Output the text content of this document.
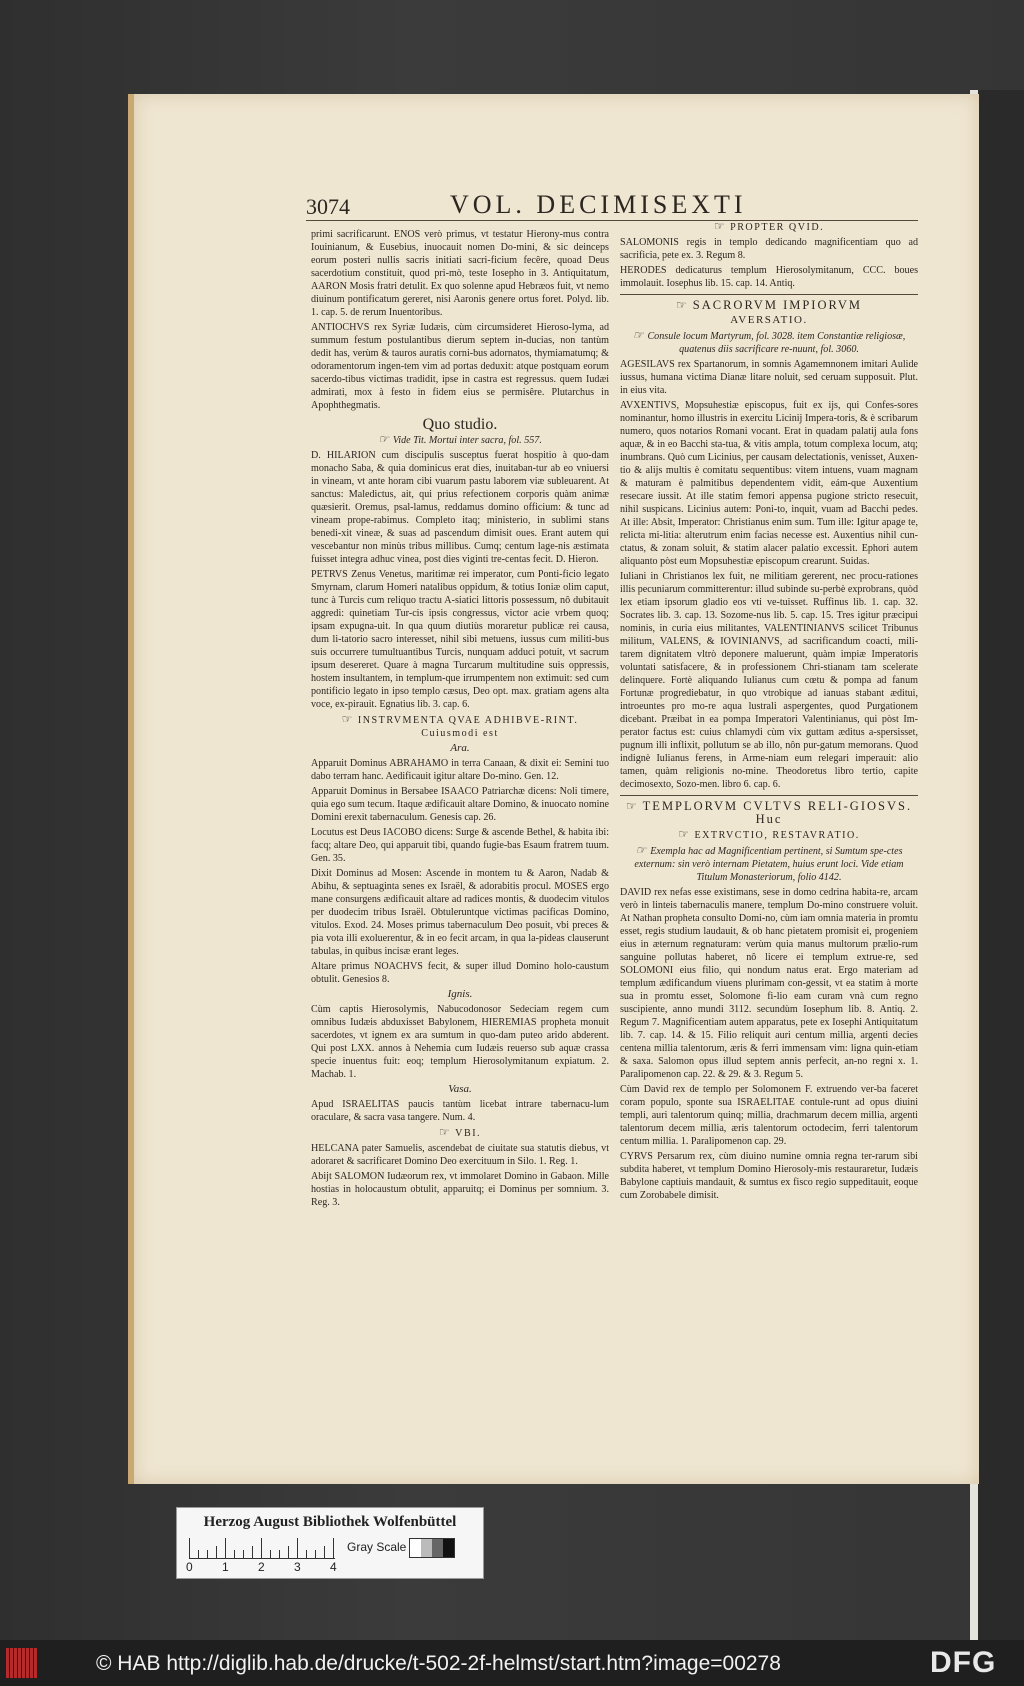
3074	VOL. DECIMISEXTI

primi sacrificarunt. ENOS verò primus, vt testatur Hierony-mus contra Iouinianum, & Eusebius, inuocauit nomen Do-mini, & sic deinceps eorum posteri nullis sacris initiati sacri-ficium fecêre, quoad Deus sacerdotium constituit, quod pri-mò, teste Iosepho in 3. Antiquitatum, AARON Mosis fratri detulit. Ex quo solenne apud Hebræos fuit, vt nemo diuinum pontificatum gereret, nisi Aaronis genere ortus foret. Polyd. lib. 1. cap. 5. de rerum Inuentoribus.

ANTIOCHVS rex Syriæ Iudæis, cùm circumsideret Hieroso-lyma, ad summum festum postulantibus dierum septem in-ducias, non tantùm dedit has, verùm & tauros auratis corni-bus adornatos, thymiamatumq; & odoramentorum ingen-tem vim ad portas deduxit: atque postquam eorum sacerdo-tibus victimas tradidit, ipse in castra est regressus. quem Iudæi admirati, mox à festo in fidem eius se permisêre. Plutarchus in Apophthegmatis.

Quo studio.

☞ Vide Tit. Mortui inter sacra, fol. 557.

D. HILARION cum discipulis susceptus fuerat hospitio à quo-dam monacho Saba, & quia dominicus erat dies, inuitaban-tur ab eo vniuersi in vineam, vt ante horam cibi vuarum pastu laborem viæ subleuarent. At sanctus: Maledictus, ait, qui prius refectionem corporis quàm animæ quæsierit. Oremus, psal-lamus, reddamus domino officium: & tunc ad vineam prope-rabimus. Completo itaq; ministerio, in sublimi stans benedi-xit vineæ, & suas ad pascendum dimisit oues. Erant autem qui vescebantur non minùs tribus millibus. Cumq; centum lage-nis æstimata fuisset integra adhuc vinea, post dies viginti tre-centas fecit. D. Hieron.

PETRVS Zenus Venetus, maritimæ rei imperator, cum Ponti-ficio legato Smyrnam, clarum Homeri natalibus oppidum, & totius Ioniæ olim caput, tunc à Turcis cum reliquo tractu A-siatici littoris possessum, nô dubitauit aggredi: quinetiam Tur-cis ipsis congressus, victor acie vrbem quoq; ipsam expugna-uit. In qua quum diutiùs moraretur publicæ rei causa, dum li-tatorio sacro interesset, nihil sibi metuens, iussus cum militi-bus suis occurrere tumultuantibus Turcis, nunquam adduci potuit, vt sacrum ipsum desereret. Quare à magna Turcarum multitudine suis oppressis, hostem insultantem, in templum-que irrumpentem non extimuit: sed cum pontificio legato in ipso templo cæsus, Deo opt. max. gratiam agens alta voce, ex-pirauit. Egnatius lib. 3. cap. 6.

☞ INSTRVMENTA QVAE ADHIBVE-RINT. Cuiusmodi est

Ara.

Apparuit Dominus ABRAHAMO in terra Canaan, & dixit ei: Semini tuo dabo terram hanc. Aedificauit igitur altare Do-mino. Gen. 12.

Apparuit Dominus in Bersabee ISAACO Patriarchæ dicens: Noli timere, quia ego sum tecum. Itaque ædificauit altare Domino, & inuocato nomine Domini erexit tabernaculum. Genesis cap. 26.

Locutus est Deus IACOBO dicens: Surge & ascende Bethel, & habita ibi: facq; altare Deo, qui apparuit tibi, quando fugie-bas Esaum fratrem tuum. Gen. 35.

Dixit Dominus ad Mosen: Ascende in montem tu & Aaron, Nadab & Abihu, & septuaginta senes ex Israël, & adorabitis procul. MOSES ergo mane consurgens ædificauit altare ad radices montis, & duodecim vitulos per duodecim tribus Israël. Obtuleruntque victimas pacificas Domino, vitulos. Exod. 24. Moses primus tabernaculum Deo posuit, vbi preces & pia vota illi exoluerentur, & in eo fecit arcam, in qua la-pideas clauserunt tabulas, in quibus incisæ erant leges.

Altare primus NOACHVS fecit, & super illud Domino holo-caustum obtulit. Genesios 8.

Ignis.

Cùm captis Hierosolymis, Nabucodonosor Sedeciam regem cum omnibus Iudæis abduxisset Babylonem, HIEREMIAS propheta monuit sacerdotes, vt ignem ex ara sumtum in quo-dam puteo arido abderent. Qui post LXX. annos à Nehemia cum Iudæis reuerso sub aquæ crassa specie inuentus fuit: eoq; templum Hierosolymitanum expiatum. 2. Machab. 1.

Vasa.

Apud ISRAELITAS paucis tantùm licebat intrare tabernacu-lum oraculare, & sacra vasa tangere. Num. 4.

☞ VBI.

HELCANA pater Samuelis, ascendebat de ciuitate sua statutis diebus, vt adoraret & sacrificaret Domino Deo exercituum in Silo. 1. Reg. 1.

Abijt SALOMON Iudæorum rex, vt immolaret Domino in Gabaon. Mille hostias in holocaustum obtulit, apparuitq; ei Dominus per somnium. 3. Reg. 3.

☞ PROPTER QVID.

SALOMONIS regis in templo dedicando magnificentiam quo ad sacrificia, pete ex. 3. Regum 8.

HERODES dedicaturus templum Hierosolymitanum, CCC. boues immolauit. Iosephus lib. 15. cap. 14. Antiq.

☞ SACRORVM IMPIORVM
AVERSATIO.

☞ Consule locum Martyrum, fol. 3028. item Constantiæ religiosæ, quatenus diis sacrificare re-nuunt, fol. 3060.

AGESILAVS rex Spartanorum, in somnis Agamemnonem imitari Aulide iussus, humana victima Dianæ litare noluit, sed ceruam supposuit. Plut. in eius vita.

AVXENTIVS, Mopsuhestiæ episcopus, fuit ex ijs, qui Confes-sores nominantur, homo illustris in exercitu Licinij Impera-toris, & è scribarum numero, quos notarios Romani vocant. Erat in quadam palatij aula fons aquæ, & in eo Bacchi sta-tua, & vitis ampla, totum complexa locum, atq; inumbrans. Quò cum Licinius, per causam delectationis, venisset, Auxen-tio & alijs multis è comitatu sequentibus: vitem intuens, vuam magnam & maturam è palmitibus dependentem vidit, eám-que Auxentium resecare iussit. At ille statim femori appensa pugione stricto resecuit, nihil suspicans. Licinius autem: Poni-to, inquit, vuam ad Bacchi pedes. At ille: Absit, Imperator: Christianus enim sum. Tum ille: Igitur apage te, relicta mi-litia: alterutrum enim facias necesse est. Auxentius nihil cun-ctatus, & zonam soluit, & statim alacer palatio excessit. Ephori autem aliquanto pòst eum Mopsuhestiæ episcopum crearunt. Suidas.

Iuliani in Christianos lex fuit, ne militiam gererent, nec procu-rationes illis pecuniarum committerentur: illud subinde su-perbè exprobrans, quòd lex etiam ipsorum gladio eos vti ve-tuisset. Ruffinus lib. 1. cap. 32. Socrates lib. 3. cap. 13. Sozome-nus lib. 5. cap. 15. Tres igitur præcipui nominis, in curia eius militantes, VALENTINIANVS scilicet Tribunus militum, VALENS, & IOVINIANVS, ad sacrificandum coacti, mili-tarem dignitatem vltrò deponere maluerunt, quàm impiæ Imperatoris voluntati satisfacere, & in professionem Chri-stianam tam scelerate delinquere. Fortè aliquando Iulianus cum cœtu & pompa ad fanum Fortunæ progrediebatur, in quo vtrobique ad ianuas stabant æditui, introeuntes pro mo-re aqua lustrali aspergentes, quod Purgationem dicebant. Præibat in ea pompa Imperatori Valentinianus, qui pòst Im-perator factus est: cuius chlamydi cùm vix guttam æditus a-spersisset, pugnum illi inflixit, pollutum se ab illo, nôn pur-gatum memorans. Quod indignè Iulianus ferens, in Arme-niam eum relegari imperauit: alio tamen, quàm religionis no-mine. Theodoretus libro tertio, capite decimosexto, Sozo-men. libro 6. cap. 6.

☞ TEMPLORVM CVLTVS RELI-GIOSVS. Huc

☞ EXTRVCTIO, RESTAVRATIO.

☞ Exempla hac ad Magnificentiam pertinent, si Sumtum spe-ctes externum: sin verò internam Pietatem, huius erunt loci. Vide etiam Titulum Monasteriorum, folio 4142.

DAVID rex nefas esse existimans, sese in domo cedrina habita-re, arcam verò in linteis tabernaculis manere, templum Do-mino construere voluit. At Nathan propheta consulto Domi-no, cùm iam omnia materia in promtu esset, regis studium laudauit, & ob hanc pietatem promisit ei, progeniem eius in æternum regnaturam: verùm quia manus multorum prælio-rum sanguine pollutas haberet, nô licere ei templum extrue-re, sed SOLOMONI eius filio, qui nondum natus erat. Ergo materiam ad templum ædificandum viuens plurimam con-gessit, vt ea statim à morte sua in promtu esset, Solomone fi-lio eam curam vnà cum regno suscipiente, anno mundi 3112. secundùm Iosephum lib. 8. Antiq. 2. Regum 7. Magnificentiam autem apparatus, pete ex Iosephi Antiquitatum lib. 7. cap. 14. & 15. Filio reliquit auri centum millia, argenti decies centena millia talentorum, æris & ferri immensam vim: ligna quin-etiam & saxa. Salomon opus illud septem annis perfecit, an-no regni x. 1. Paralipomenon cap. 22. & 29. & 3. Regum 5.

Cùm David rex de templo per Solomonem F. extruendo ver-ba faceret coram populo, sponte sua ISRAELITAE contule-runt ad opus diuini templi, auri talentorum quinq; millia, drachmarum decem millia, argenti talentorum decem millia, æris talentorum octodecim, ferri talentorum centum millia. 1. Paralipomenon cap. 29.

CYRVS Persarum rex, cùm diuino numine omnia regna ter-rarum sibi subdita haberet, vt templum Domino Hierosoly-mis restauraretur, Iudæis Babylone captiuis mandauit, & sumtus ex fisco regio suppeditauit, eoque cum Zorobabele dimisit.

Herzog August Bibliothek Wolfenbüttel
0 1 2 3 4
Gray Scale
© HAB http://diglib.hab.de/drucke/t-502-2f-helmst/start.htm?image=00278	DFG
